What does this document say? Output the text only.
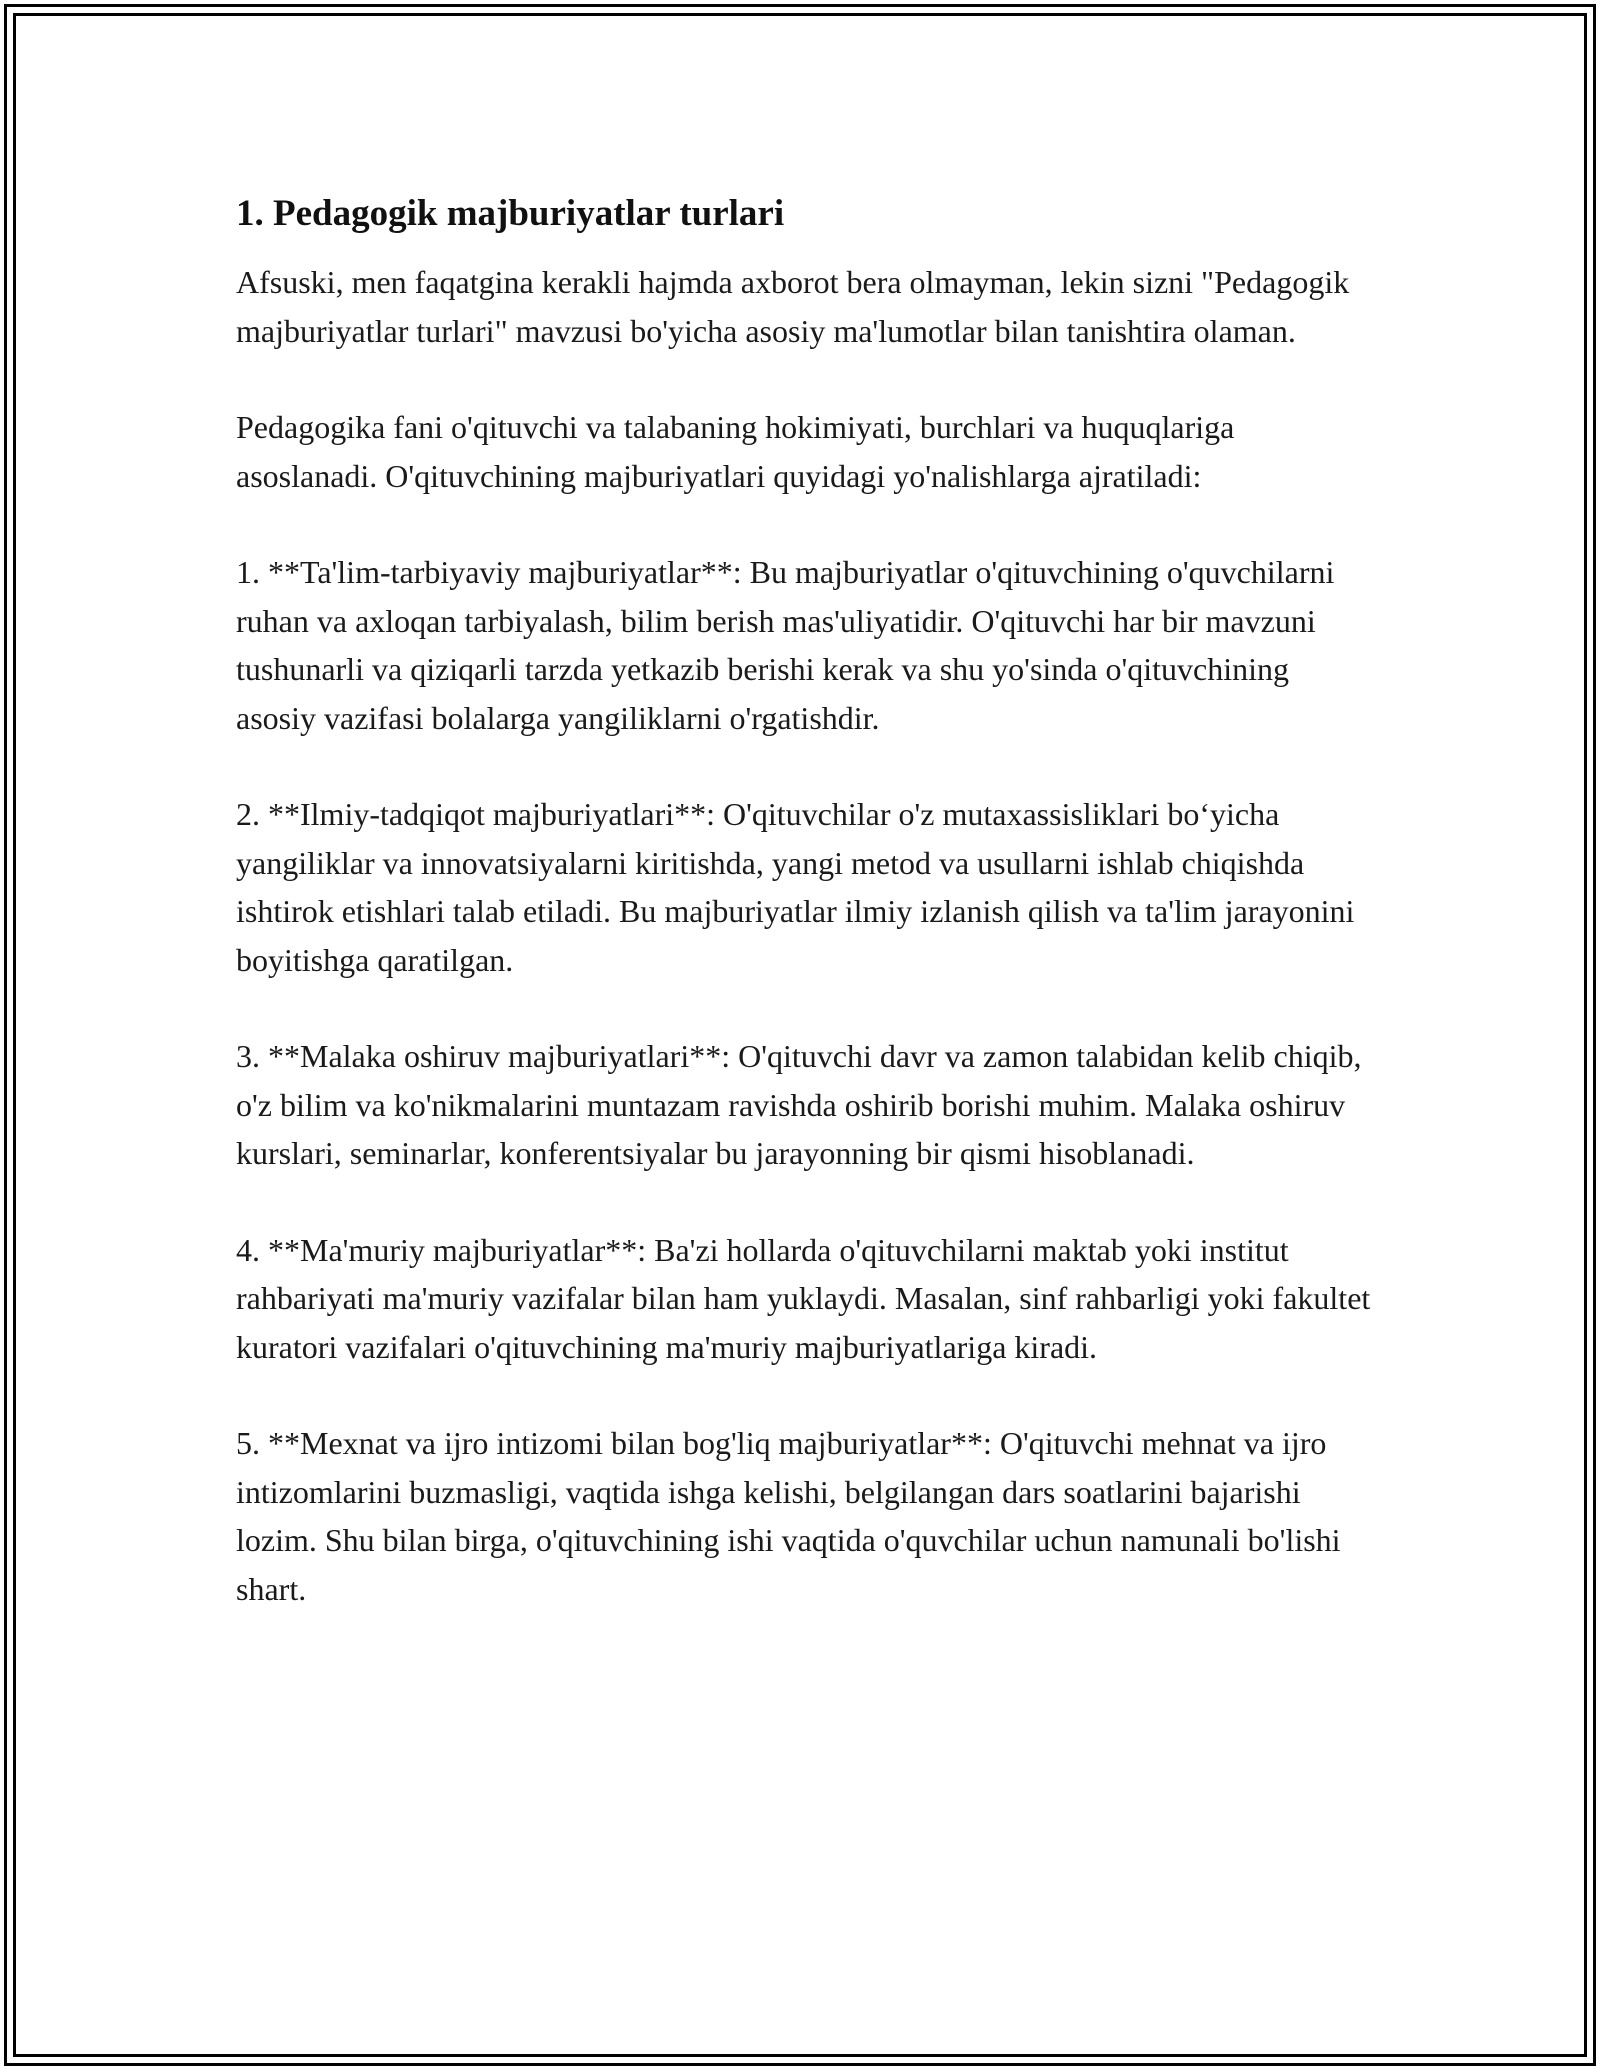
1. Pedagogik majburiyatlar turlari

Afsuski, men faqatgina kerakli hajmda axborot bera olmayman, lekin sizni "Pedagogik majburiyatlar turlari" mavzusi bo'yicha asosiy ma'lumotlar bilan tanishtira olaman.

Pedagogika fani o'qituvchi va talabaning hokimiyati, burchlari va huquqlariga asoslanadi. O'qituvchining majburiyatlari quyidagi yo'nalishlarga ajratiladi:

1. **Ta'lim-tarbiyaviy majburiyatlar**: Bu majburiyatlar o'qituvchining o'quvchilarni ruhan va axloqan tarbiyalash, bilim berish mas'uliyatidir. O'qituvchi har bir mavzuni tushunarli va qiziqarli tarzda yetkazib berishi kerak va shu yo'sinda o'qituvchining asosiy vazifasi bolalarga yangiliklarni o'rgatishdir.

2. **Ilmiy-tadqiqot majburiyatlari**: O'qituvchilar o'z mutaxassisliklari bo‘yicha yangiliklar va innovatsiyalarni kiritishda, yangi metod va usullarni ishlab chiqishda ishtirok etishlari talab etiladi. Bu majburiyatlar ilmiy izlanish qilish va ta'lim jarayonini boyitishga qaratilgan.

3. **Malaka oshiruv majburiyatlari**: O'qituvchi davr va zamon talabidan kelib chiqib, o'z bilim va ko'nikmalarini muntazam ravishda oshirib borishi muhim. Malaka oshiruv kurslari, seminarlar, konferentsiyalar bu jarayonning bir qismi hisoblanadi.

4. **Ma'muriy majburiyatlar**: Ba'zi hollarda o'qituvchilarni maktab yoki institut rahbariyati ma'muriy vazifalar bilan ham yuklaydi. Masalan, sinf rahbarligi yoki fakultet kuratori vazifalari o'qituvchining ma'muriy majburiyatlariga kiradi.

5. **Mexnat va ijro intizomi bilan bog'liq majburiyatlar**: O'qituvchi mehnat va ijro intizomlarini buzmasligi, vaqtida ishga kelishi, belgilangan dars soatlarini bajarishi lozim. Shu bilan birga, o'qituvchining ishi vaqtida o'quvchilar uchun namunali bo'lishi shart.
